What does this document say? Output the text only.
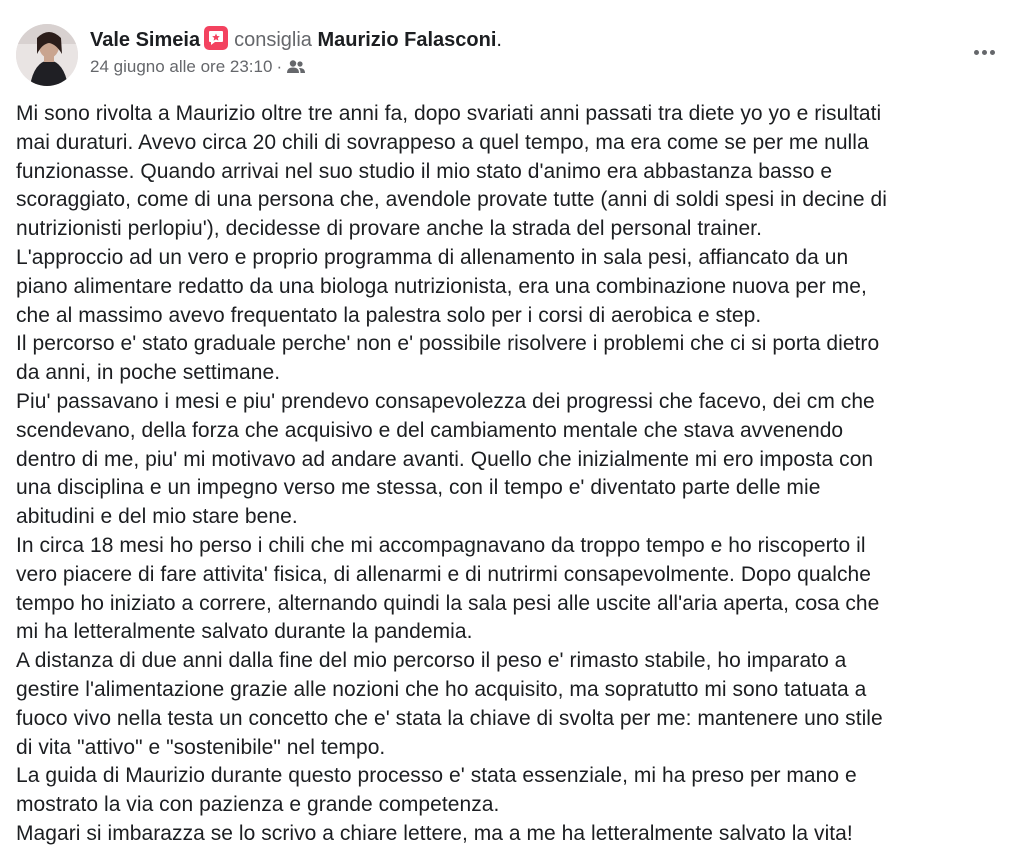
Vale Simeia consiglia Maurizio Falasconi.
24 giugno alle ore 23:10 ·

Mi sono rivolta a Maurizio oltre tre anni fa, dopo svariati anni passati tra diete yo yo e risultati

mai duraturi. Avevo circa 20 chili di sovrappeso a quel tempo, ma era come se per me nulla

funzionasse. Quando arrivai nel suo studio il mio stato d'animo era abbastanza basso e

scoraggiato, come di una persona che, avendole provate tutte (anni di soldi spesi in decine di

nutrizionisti perlopiu'), decidesse di provare anche la strada del personal trainer.

L'approccio ad un vero e proprio programma di allenamento in sala pesi, affiancato da un

piano alimentare redatto da una biologa nutrizionista, era una combinazione nuova per me,

che al massimo avevo frequentato la palestra solo per i corsi di aerobica e step.

Il percorso e' stato graduale perche' non e' possibile risolvere i problemi che ci si porta dietro

da anni, in poche settimane.

Piu' passavano i mesi e piu' prendevo consapevolezza dei progressi che facevo, dei cm che

scendevano, della forza che acquisivo e del cambiamento mentale che stava avvenendo

dentro di me, piu' mi motivavo ad andare avanti. Quello che inizialmente mi ero imposta con

una disciplina e un impegno verso me stessa, con il tempo e' diventato parte delle mie

abitudini e del mio stare bene.

In circa 18 mesi ho perso i chili che mi accompagnavano da troppo tempo e ho riscoperto il

vero piacere di fare attivita' fisica, di allenarmi e di nutrirmi consapevolmente. Dopo qualche

tempo ho iniziato a correre, alternando quindi la sala pesi alle uscite all'aria aperta, cosa che

mi ha letteralmente salvato durante la pandemia.

A distanza di due anni dalla fine del mio percorso il peso e' rimasto stabile, ho imparato a

gestire l'alimentazione grazie alle nozioni che ho acquisito, ma sopratutto mi sono tatuata a

fuoco vivo nella testa un concetto che e' stata la chiave di svolta per me: mantenere uno stile

di vita "attivo" e "sostenibile" nel tempo.

La guida di Maurizio durante questo processo e' stata essenziale, mi ha preso per mano e

mostrato la via con pazienza e grande competenza.

Magari si imbarazza se lo scrivo a chiare lettere, ma a me ha letteralmente salvato la vita!
